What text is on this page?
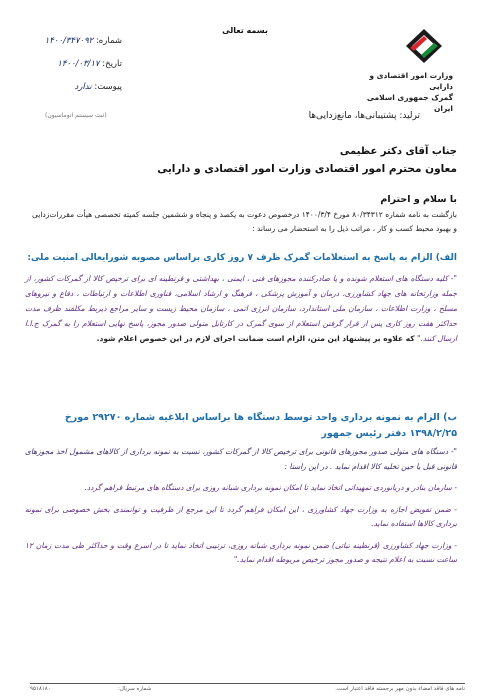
بسمه تعالی
وزارت امور اقتصادی و دارایی
گمرک جمهوری اسلامی ایران
شماره: ۱۴۰۰/۳۴۷۰۹۲
تاریخ: ۱۴۰۰/۰۳/۱۷
پیوست: ندارد
(ثبت سیستم اتوماسیون)	ترلید: پشتیبانی‌ها، مانع‌زدایی‌ها
جناب آقای دکتر عظیمی
معاون محترم امور اقتصادی وزارت امور اقتصادی و دارایی
با سلام و احترام
بازگشت به نامه شماره ۸۰/۳۴۳۱۲ مورخ ۱۴۰۰/۳/۴ درخصوص دعوت به یکصد و پنجاه و ششمین جلسه کمیته تخصصی هیأت مقررات‌زدایی و بهبود محیط کسب و کار ، مراتب ذیل را به استحضار می رساند :
الف) الزام به پاسخ به استعلامات گمرک ظرف ۷ روز کاری براساس مصوبه شورایعالی امنیت ملی:
"- کلیه دستگاه های استعلام شونده و یا صادرکننده مجوزهای فنی ، ایمنی ، بهداشتی و قرنطینه ای برای ترخیص کالا از گمرکات کشور، از جمله وزارتخانه های جهاد کشاورزی، درمان و آموزش پزشکی ، فرهنگ و ارشاد اسلامی، فناوری اطلاعات و ارتباطات ، دفاع و نیروهای مسلح ، وزارت اطلاعات ، سازمان ملی استاندارد، سازمان انرژی اتمی ، سازمان محیط زیست و سایر مراجع ذیربط مکلفند ظرف مدت حداکثر هفت روز کاری پس از قرار گرفتن استعلام از سوی گمرک در کارتابل متولی صدور مجوز، پاسخ نهایی استعلام را به گمرک ج.ا.ا ارسال کنند." که علاوه بر پیشنهاد این متن، الزام است ضمانت اجرای لازم در این خصوص اعلام شود.
ب) الزام به نمونه برداری واحد توسط دستگاه ها براساس ابلاغیه شماره ۲۹۲۷۰ مورخ ۱۳۹۸/۲/۲۵ دفتر رئیس جمهور
"- دستگاه های متولی صدور مجوزهای قانونی برای ترخیص کالا از گمرکات کشور، نسبت به نمونه برداری از کالاهای مشمول اخذ مجوزهای قانونی قبل یا حین تخلیه کالا اقدام نماید . در این راستا :
- سازمان بنادر و دریانوردی تمهیداتی اتخاذ نماید تا امکان نمونه برداری شبانه روزی برای دستگاه های مرتبط فراهم گردد.
- ضمن تفویض اجازه به وزارت جهاد کشاورزی ، این امکان فراهم گردد تا این مرجع از ظرفیت و توانمندی بخش خصوصی برای نمونه برداری کالاها استفاده نماید.
- وزارت جهاد کشاورزی (قرنطینه نباتی) ضمن نمونه برداری شبانه روزی، ترتیبی اتخاذ نماید تا در اسرع وقت و حداکثر طی مدت زمان ۱۲ ساعت نسبت به اعلام نتیجه و صدور مجوز ترخیص مربوطه اقدام نماید."
۹۵۱۸۱۸۰	شماره سریال:	نامه های فاقد امضاء بدون مهر برجسته فاقد اعتبار است.
